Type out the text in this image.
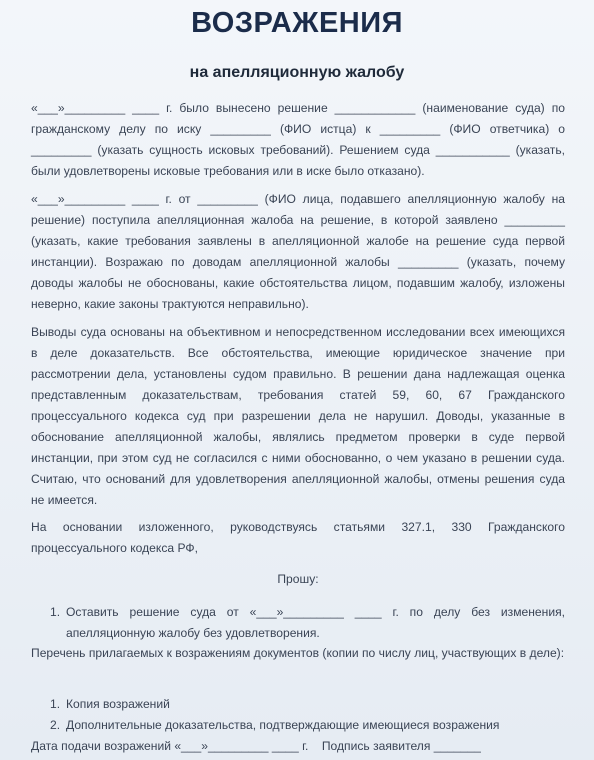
ВОЗРАЖЕНИЯ
на апелляционную жалобу

«___»_________ ____ г. было вынесено решение ____________ (наименование суда) по гражданскому делу по иску _________ (ФИО истца) к _________ (ФИО ответчика) о _________ (указать сущность исковых требований). Решением суда ___________ (указать, были удовлетворены исковые требования или в иске было отказано).

«___»_________ ____ г. от _________ (ФИО лица, подавшего апелляционную жалобу на решение) поступила апелляционная жалоба на решение, в которой заявлено _________ (указать, какие требования заявлены в апелляционной жалобе на решение суда первой инстанции). Возражаю по доводам апелляционной жалобы _________ (указать, почему доводы жалобы не обоснованы, какие обстоятельства лицом, подавшим жалобу, изложены неверно, какие законы трактуются неправильно).

Выводы суда основаны на объективном и непосредственном исследовании всех имеющихся в деле доказательств. Все обстоятельства, имеющие юридическое значение при рассмотрении дела, установлены судом правильно. В решении дана надлежащая оценка представленным доказательствам, требования статей 59, 60, 67 Гражданского процессуального кодекса суд при разрешении дела не нарушил. Доводы, указанные в обоснование апелляционной жалобы, являлись предметом проверки в суде первой инстанции, при этом суд не согласился с ними обоснованно, о чем указано в решении суда. Считаю, что оснований для удовлетворения апелляционной жалобы, отмены решения суда не имеется.

На основании изложенного, руководствуясь статьями 327.1, 330 Гражданского процессуального кодекса РФ,

Прошу:

1. Оставить решение суда от «___»_________ ____ г. по делу без изменения, апелляционную жалобу без удовлетворения.

Перечень прилагаемых к возражениям документов (копии по числу лиц, участвующих в деле):

1. Копия возражений
2. Дополнительные доказательства, подтверждающие имеющиеся возражения

Дата подачи возражений «___»_________ ____ г.    Подпись заявителя _______
